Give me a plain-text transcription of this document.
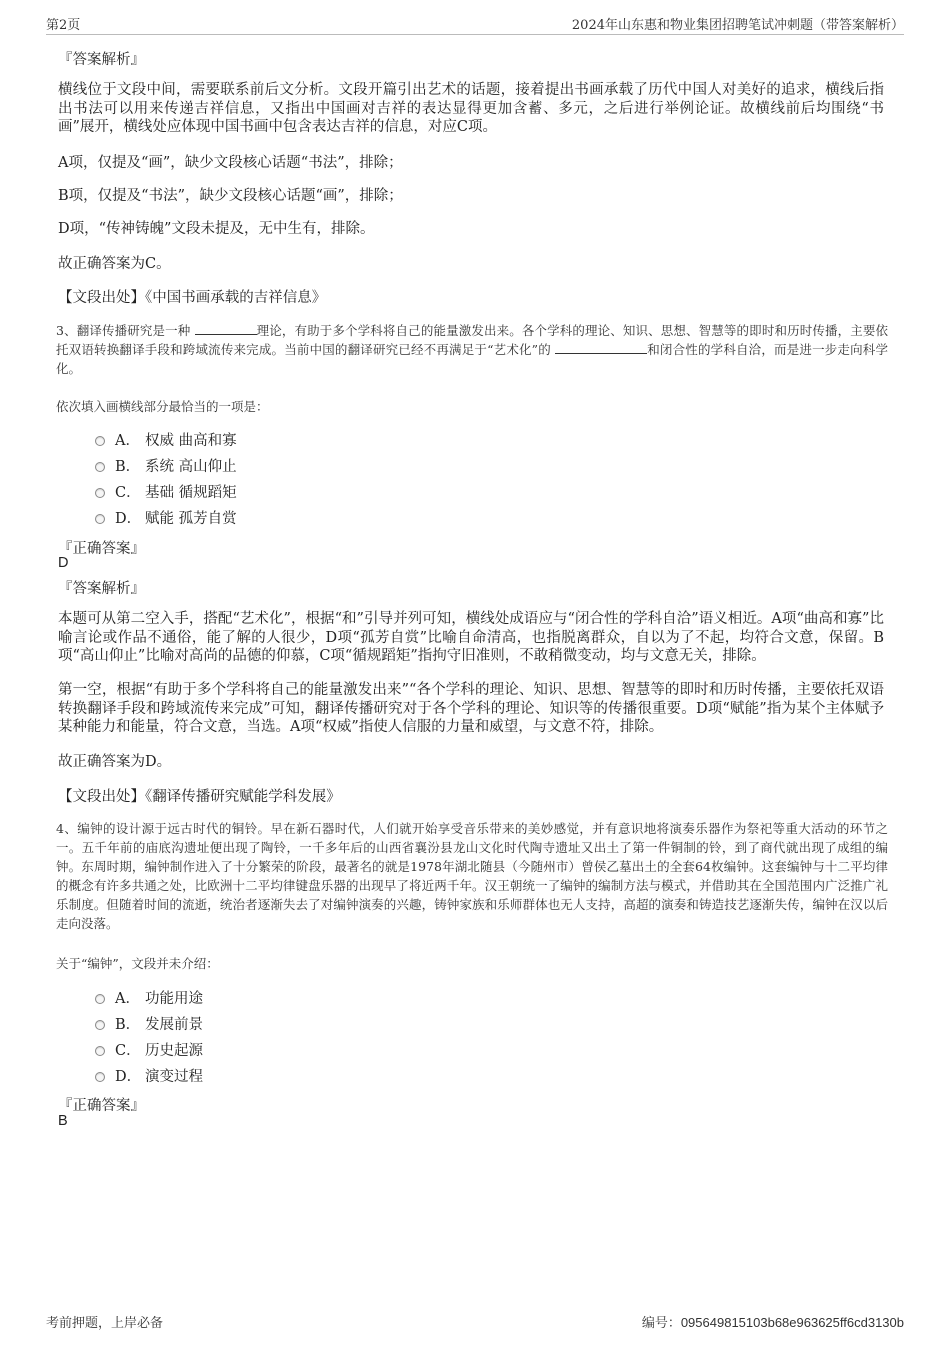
第2页	2024年山东惠和物业集团招聘笔试冲刺题（带答案解析）
『答案解析』
横线位于文段中间，需要联系前后文分析。文段开篇引出艺术的话题，接着提出书画承载了历代中国人对美好的追求，横线后指出书法可以用来传递吉祥信息，又指出中国画对吉祥的表达显得更加含蓄、多元，之后进行举例论证。故横线前后均围绕“书画”展开，横线处应体现中国书画中包含表达吉祥的信息，对应C项。
A项，仅提及“画”，缺少文段核心话题“书法”，排除；
B项，仅提及“书法”，缺少文段核心话题“画”，排除；
D项，“传神铸魄”文段未提及，无中生有，排除。
故正确答案为C。
【文段出处】《中国书画承载的吉祥信息》
3、翻译传播研究是一种	理论，有助于多个学科将自己的能量激发出来。各个学科的理论、知识、思想、智慧等的即时和历时传播，主要依托双语转换翻译手段和跨域流传来完成。当前中国的翻译研究已经不再满足于“艺术化”的	和闭合性的学科自洽，而是进一步走向科学化。
依次填入画横线部分最恰当的一项是：
A． 权威 曲高和寡
B． 系统 高山仰止
C． 基础 循规蹈矩
D． 赋能 孤芳自赏
『正确答案』
D
『答案解析』
本题可从第二空入手，搭配“艺术化”，根据“和”引导并列可知，横线处成语应与“闭合性的学科自洽”语义相近。A项“曲高和寡”比喻言论或作品不通俗，能了解的人很少，D项“孤芳自赏”比喻自命清高，也指脱离群众，自以为了不起，均符合文意，保留。B项“高山仰止”比喻对高尚的品德的仰慕，C项“循规蹈矩”指拘守旧准则，不敢稍微变动，均与文意无关，排除。
第一空，根据“有助于多个学科将自己的能量激发出来”“各个学科的理论、知识、思想、智慧等的即时和历时传播，主要依托双语转换翻译手段和跨域流传来完成”可知，翻译传播研究对于各个学科的理论、知识等的传播很重要。D项“赋能”指为某个主体赋予某种能力和能量，符合文意，当选。A项“权威”指使人信服的力量和威望，与文意不符，排除。
故正确答案为D。
【文段出处】《翻译传播研究赋能学科发展》
4、编钟的设计源于远古时代的铜铃。早在新石器时代，人们就开始享受音乐带来的美妙感觉，并有意识地将演奏乐器作为祭祀等重大活动的环节之一。五千年前的庙底沟遗址便出现了陶铃，一千多年后的山西省襄汾县龙山文化时代陶寺遗址又出土了第一件铜制的铃，到了商代就出现了成组的编钟。东周时期，编钟制作进入了十分繁荣的阶段，最著名的就是1978年湖北随县（今随州市）曾侯乙墓出土的全套64枚编钟。这套编钟与十二平均律的概念有许多共通之处，比欧洲十二平均律键盘乐器的出现早了将近两千年。汉王朝统一了编钟的编制方法与模式，并借助其在全国范围内广泛推广礼乐制度。但随着时间的流逝，统治者逐渐失去了对编钟演奏的兴趣，铸钟家族和乐师群体也无人支持，高超的演奏和铸造技艺逐渐失传，编钟在汉以后走向没落。
关于“编钟”，文段并未介绍：
A． 功能用途
B． 发展前景
C． 历史起源
D． 演变过程
『正确答案』
B
考前押题，上岸必备	编号：095649815103b68e963625ff6cd3130b
